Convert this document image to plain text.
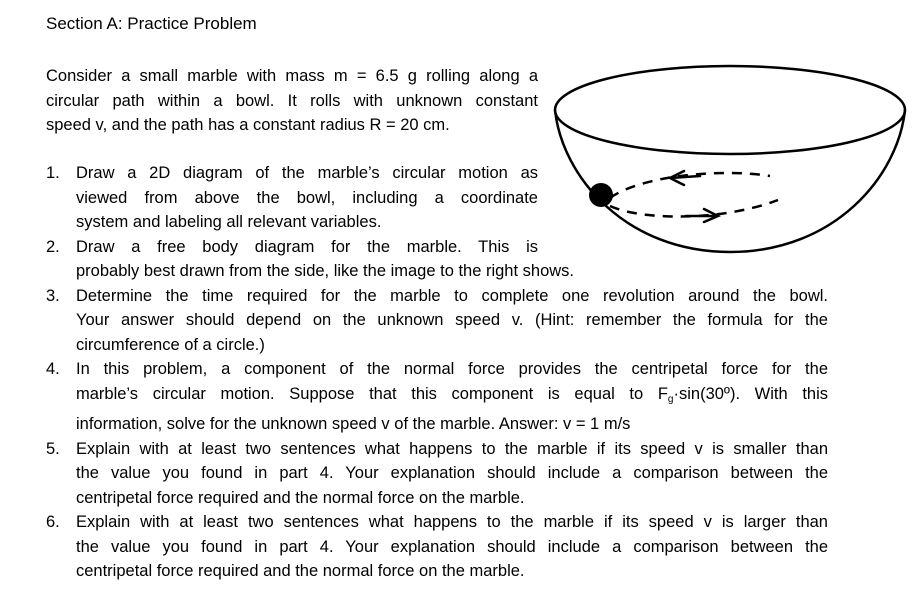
Section A: Practice Problem
Consider a small marble with mass m = 6.5 g rolling along a
circular path within a bowl. It rolls with unknown constant
speed v, and the path has a constant radius R = 20 cm.
1. Draw a 2D diagram of the marble’s circular motion as
viewed from above the bowl, including a coordinate
system and labeling all relevant variables.
2. Draw a free body diagram for the marble. This is
probably best drawn from the side, like the image to the right shows.
3. Determine the time required for the marble to complete one revolution around the bowl.
Your answer should depend on the unknown speed v. (Hint: remember the formula for the
circumference of a circle.)
4. In this problem, a component of the normal force provides the centripetal force for the
marble’s circular motion. Suppose that this component is equal to $F_g\cdot\sin(30º)$. With this
information, solve for the unknown speed v of the marble. Answer: v = 1 m/s
5. Explain with at least two sentences what happens to the marble if its speed v is smaller than
the value you found in part 4. Your explanation should include a comparison between the
centripetal force required and the normal force on the marble.
6. Explain with at least two sentences what happens to the marble if its speed v is larger than
the value you found in part 4. Your explanation should include a comparison between the
centripetal force required and the normal force on the marble.
